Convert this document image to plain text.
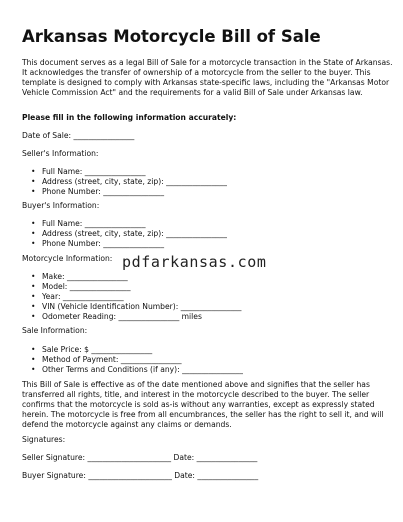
Arkansas Motorcycle Bill of Sale

This document serves as a legal Bill of Sale for a motorcycle transaction in the State of Arkansas. It acknowledges the transfer of ownership of a motorcycle from the seller to the buyer. This template is designed to comply with Arkansas state-specific laws, including the "Arkansas Motor Vehicle Commission Act" and the requirements for a valid Bill of Sale under Arkansas law.

Please fill in the following information accurately:

Date of Sale: ________________

Seller's Information:

• Full Name: ________________
• Address (street, city, state, zip): ________________
• Phone Number: ________________

Buyer's Information:

• Full Name: ________________
• Address (street, city, state, zip): ________________
• Phone Number: ________________

Motorcycle Information:

• Make: ________________
• Model: ________________
• Year: ________________
• VIN (Vehicle Identification Number): ________________
• Odometer Reading: ________________ miles
pdfarkansas.com

Sale Information:

• Sale Price: $ ________________
• Method of Payment: ________________
• Other Terms and Conditions (if any): ________________

This Bill of Sale is effective as of the date mentioned above and signifies that the seller has transferred all rights, title, and interest in the motorcycle described to the buyer. The seller confirms that the motorcycle is sold as-is without any warranties, except as expressly stated herein. The motorcycle is free from all encumbrances, the seller has the right to sell it, and will defend the motorcycle against any claims or demands.

Signatures:

Seller Signature: ______________________ Date: ________________

Buyer Signature: ______________________ Date: ________________
